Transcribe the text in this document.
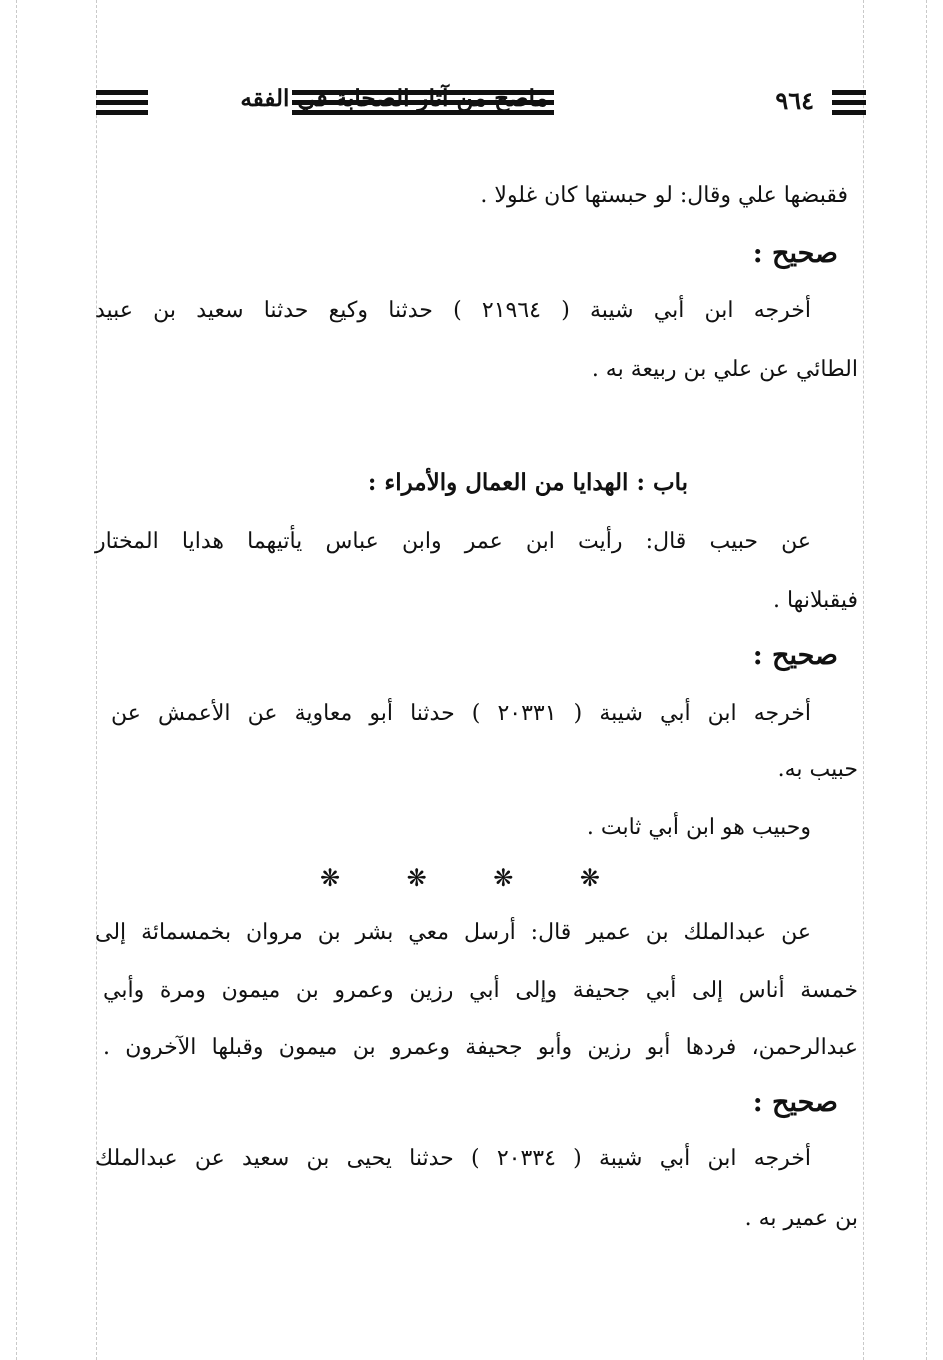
٩٦٤
ماصح من آثار الصحابة في الفقه
فقبضها علي وقال: لو حبستها كان غلولا .
صحيح :
أخرجه ابن أبي شيبة ( ٢١٩٦٤ ) حدثنا وكيع حدثنا سعيد بن عبيد
الطائي عن علي بن ربيعة به .
باب : الهدايا من العمال والأمراء :
عن حبيب قال: رأيت ابن عمر وابن عباس يأتيهما هدايا المختار
فيقبلانها .
صحيح :
أخرجه ابن أبي شيبة ( ٢٠٣٣١ ) حدثنا أبو معاوية عن الأعمش عن
حبيب به.
وحبيب هو ابن أبي ثابت .
❋
❋
❋
❋
عن عبدالملك بن عمير قال: أرسل معي بشر بن مروان بخمسمائة إلى
خمسة أناس إلى أبي جحيفة وإلى أبي رزين وعمرو بن ميمون ومرة وأبي
عبدالرحمن، فردها أبو رزين وأبو جحيفة وعمرو بن ميمون وقبلها الآخرون .
صحيح :
أخرجه ابن أبي شيبة ( ٢٠٣٣٤ ) حدثنا يحيى بن سعيد عن عبدالملك
بن عمير به .
